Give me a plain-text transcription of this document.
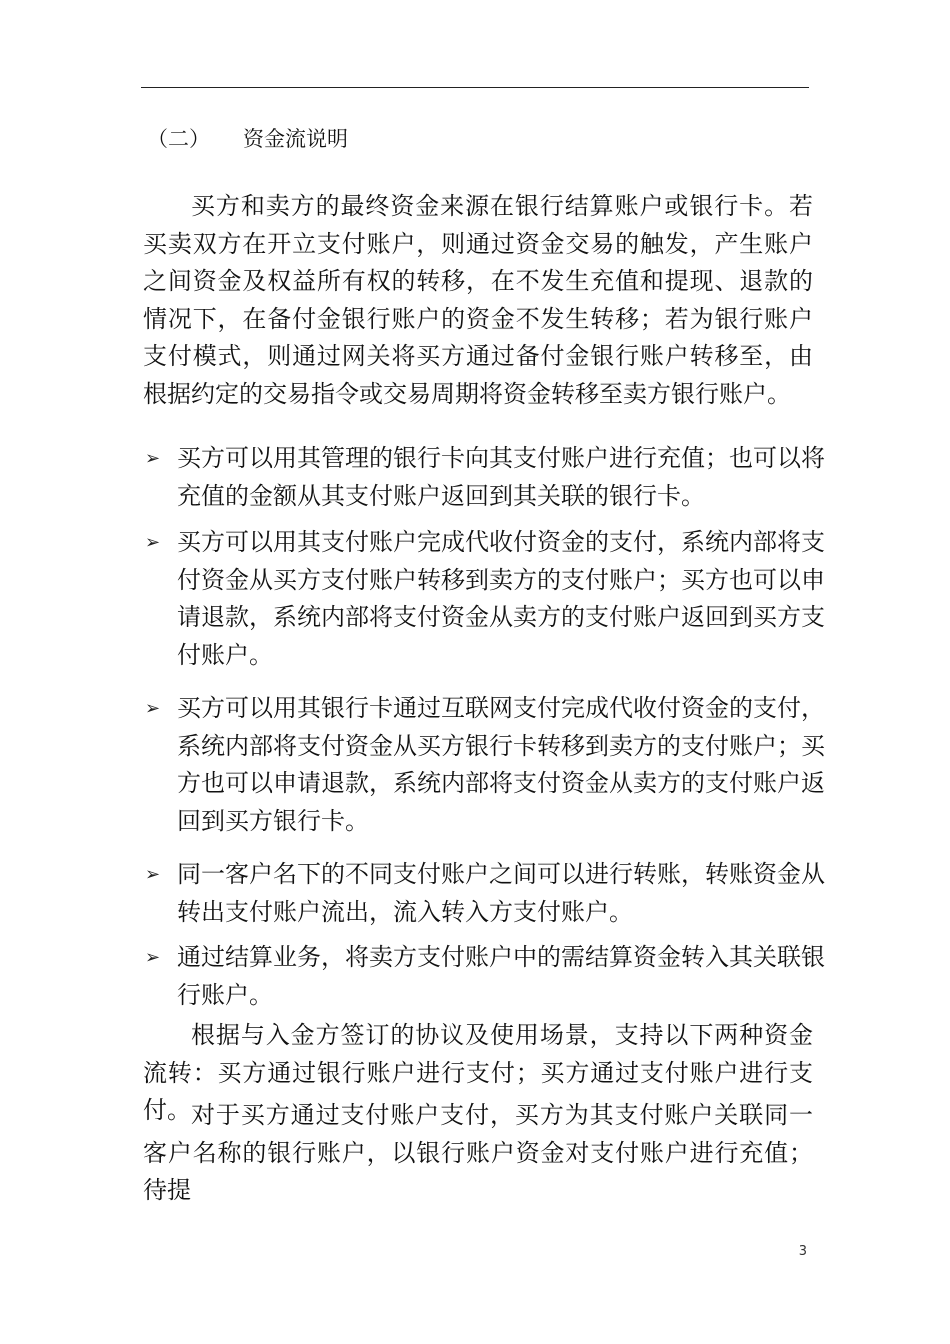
（二） 资金流说明
买方和卖方的最终资金来源在银行结算账户或银行卡。若买卖双方在开立支付账户，则通过资金交易的触发，产生账户之间资金及权益所有权的转移，在不发生充值和提现、退款的情况下，在备付金银行账户的资金不发生转移；若为银行账户支付模式，则通过网关将买方通过备付金银行账户转移至，由根据约定的交易指令或交易周期将资金转移至卖方银行账户。
➢ 买方可以用其管理的银行卡向其支付账户进行充值；也可以将充值的金额从其支付账户返回到其关联的银行卡。
➢ 买方可以用其支付账户完成代收付资金的支付，系统内部将支付资金从买方支付账户转移到卖方的支付账户；买方也可以申请退款，系统内部将支付资金从卖方的支付账户返回到买方支付账户。
➢ 买方可以用其银行卡通过互联网支付完成代收付资金的支付，系统内部将支付资金从买方银行卡转移到卖方的支付账户；买方也可以申请退款，系统内部将支付资金从卖方的支付账户返回到买方银行卡。
➢ 同一客户名下的不同支付账户之间可以进行转账，转账资金从转出支付账户流出，流入转入方支付账户。
➢ 通过结算业务，将卖方支付账户中的需结算资金转入其关联银行账户。
根据与入金方签订的协议及使用场景，支持以下两种资金流转：买方通过银行账户进行支付；买方通过支付账户进行支付。 对于买方通过支付账户支付，买方为其支付账户关联同一客户名称的银行账户，以银行账户资金对支付账户进行充值；待提
3
